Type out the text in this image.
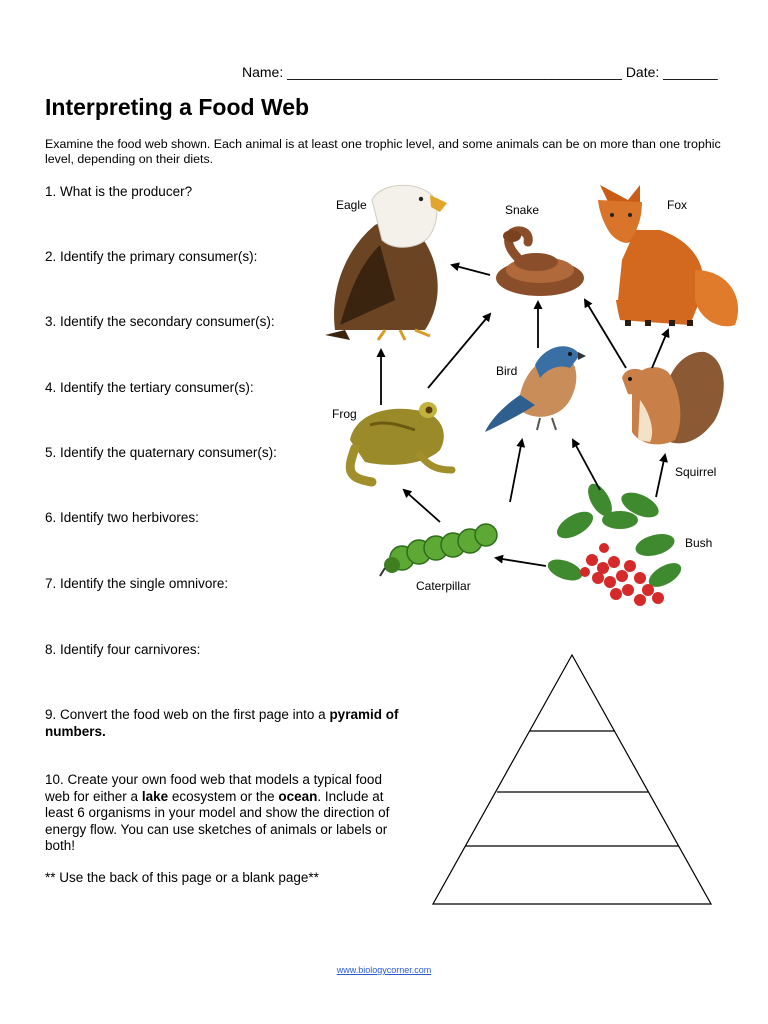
Name: ___________________________________________ Date: _______
Interpreting a Food Web

Examine the food web shown. Each animal is at least one trophic level, and some animals can be on more than one trophic level, depending on their diets.

1. What is the producer?

2. Identify the primary consumer(s):

3. Identify the secondary consumer(s):

4. Identify the tertiary consumer(s):

5. Identify the quaternary consumer(s):

6. Identify two herbivores:

7. Identify the single omnivore:

8. Identify four carnivores:

9. Convert the food web on the first page into a pyramid of numbers.

10. Create your own food web that models a typical food web for either a lake ecosystem or the ocean. Include at least 6 organisms in your model and show the direction of energy flow. You can use sketches of animals or labels or both!

** Use the back of this page or a blank page**

Eagle	Snake	Fox
Bird
Frog
Squirrel
Bush
Caterpillar
www.biologycorner.com
